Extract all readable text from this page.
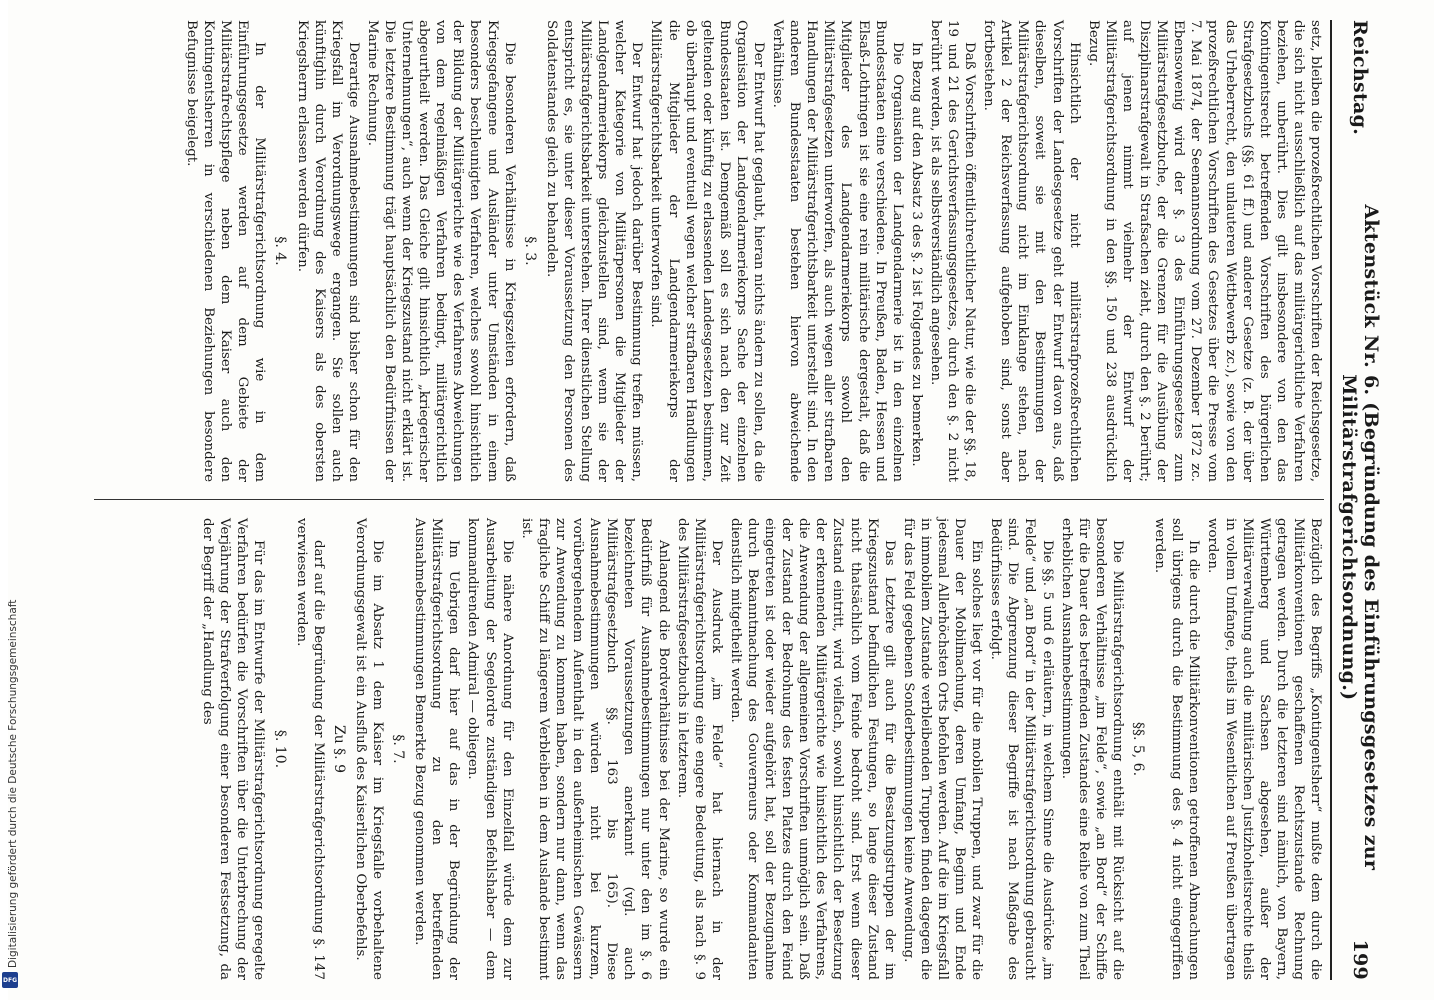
Reichstag.
Aktenstück Nr. 6. (Begründung des Einführungsgesetzes zur Militärstrafgerichtsordnung.)
199

setz, bleiben die prozeßrechtlichen Vorschriften der Reichsgesetze, die sich nicht ausschließlich auf das militärgerichtliche Verfahren beziehen, unberührt. Dies gilt insbesondere von den das Kontingentsrecht betreffenden Vorschriften des bürgerlichen Strafgesetzbuchs (§§. 61 ff.) und anderer Gesetze (z. B. der über das Urheberrecht, den unlauteren Wettbewerb zc.), sowie von den prozeßrechtlichen Vorschriften des Gesetzes über die Presse vom 7. Mai 1874, der Seemannsordnung vom 27. Dezember 1872 zc. Ebensowenig wird der §. 3 des Einführungsgesetzes zum Militärstrafgesetzbuche, der die Grenzen für die Ausübung der Disziplinarstrafgewalt in Strafsachen zieht, durch den §. 2 berührt; auf jenen nimmt vielmehr der Entwurf der Militärstrafgerichtsordnung in den §§. 150 und 238 ausdrücklich Bezug.

Hinsichtlich der nicht militärstrafprozeßrechtlichen Vorschriften der Landesgesetze geht der Entwurf davon aus, daß dieselben, soweit sie mit den Bestimmungen der Militärstrafgerichtsordnung nicht im Einklange stehen, nach Artikel 2 der Reichsverfassung aufgehoben sind, sonst aber fortbestehen.

Daß Vorschriften öffentlichrechtlicher Natur, wie die der §§. 18, 19 und 21 des Gerichtsverfassungsgesetzes, durch den §. 2 nicht berührt werden, ist als selbstverständlich angesehen.

In Bezug auf den Absatz 3 des §. 2 ist Folgendes zu bemerken.

Die Organisation der Landgendarmerie ist in den einzelnen Bundesstaaten eine verschiedene. In Preußen, Baden, Hessen und Elsaß-Lothringen ist sie eine rein militärische dergestalt, daß die Mitglieder des Landgendarmeriekorps sowohl den Militärstrafgesetzen unterworfen, als auch wegen aller strafbaren Handlungen der Militärstrafgerichtsbarkeit unterstellt sind. In den anderen Bundesstaaten bestehen hiervon abweichende Verhältnisse.

Der Entwurf hat geglaubt, hieran nichts ändern zu sollen, da die Organisation der Landgendarmeriekorps Sache der einzelnen Bundesstaaten ist. Demgemäß soll es sich nach den zur Zeit geltenden oder künftig zu erlassenden Landesgesetzen bestimmen, ob überhaupt und eventuell wegen welcher strafbaren Handlungen die Mitglieder der Landgendarmeriekorps der Militärstrafgerichtsbarkeit unterworfen sind.

Der Entwurf hat jedoch darüber Bestimmung treffen müssen, welcher Kategorie von Militärpersonen die Mitglieder der Landgendarmeriekorps gleichzustellen sind, wenn sie der Militärstrafgerichtsbarkeit unterstehen. Ihrer dienstlichen Stellung entspricht es, sie unter dieser Voraussetzung den Personen des Soldatenstandes gleich zu behandeln.

§. 3.

Die besonderen Verhältnisse in Kriegszeiten erfordern, daß Kriegsgefangene und Ausländer unter Umständen in einem besonders beschleunigten Verfahren, welches sowohl hinsichtlich der Bildung der Militärgerichte wie des Verfahrens Abweichungen von dem regelmäßigen Verfahren bedingt, militärgerichtlich abgeurtheilt werden. Das Gleiche gilt hinsichtlich „kriegerischer Unternehmungen“, auch wenn der Kriegszustand nicht erklärt ist. Die letztere Bestimmung trägt hauptsächlich den Bedürfnissen der Marine Rechnung.

Derartige Ausnahmebestimmungen sind bisher schon für den Kriegsfall im Verordnungswege ergangen. Sie sollen auch künftighin durch Verordnung des Kaisers als des obersten Kriegsherrn erlassen werden dürfen.

§. 4.

In der Militärstrafgerichtsordnung wie in dem Einführungsgesetze werden auf dem Gebiete der Militärstrafrechtspflege neben dem Kaiser auch den Kontingentsherren in verschiedenen Beziehungen besondere Befugnisse beigelegt.

Bezüglich des Begriffs „Kontingentsherr“ mußte dem durch die Militärkonventionen geschaffenen Rechtszustande Rechnung getragen werden. Durch die letzteren sind nämlich, von Bayern, Württemberg und Sachsen abgesehen, außer der Militärverwaltung auch die militärischen Justizhoheitsrechte theils in vollem Umfange, theils im Wesentlichen auf Preußen übertragen worden.

In die durch die Militärkonventionen getroffenen Abmachungen soll übrigens durch die Bestimmung des §. 4 nicht eingegriffen werden.

§§. 5, 6.

Die Militärstrafgerichtsordnung enthält mit Rücksicht auf die besonderen Verhältnisse „im Felde“, sowie „an Bord“ der Schiffe für die Dauer des betreffenden Zustandes eine Reihe von zum Theil erheblichen Ausnahmebestimmungen.

Die §§. 5 und 6 erläutern, in welchem Sinne die Ausdrücke „im Felde“ und „an Bord“ in der Militärstrafgerichtsordnung gebraucht sind. Die Abgrenzung dieser Begriffe ist nach Maßgabe des Bedürfnisses erfolgt.

Ein solches liegt vor für die mobilen Truppen, und zwar für die Dauer der Mobilmachung, deren Umfang, Beginn und Ende jedesmal Allerhöchsten Orts befohlen werden. Auf die im Kriegsfall in immobilem Zustande verbleibenden Truppen finden dagegen die für das Feld gegebenen Sonderbestimmungen keine Anwendung.

Das Letztere gilt auch für die Besatzungstruppen der im Kriegszustand befindlichen Festungen, so lange dieser Zustand nicht thatsächlich vom Feinde bedroht sind. Erst wenn dieser Zustand eintritt, wird vielfach, sowohl hinsichtlich der Besetzung der erkennenden Militärgerichte wie hinsichtlich des Verfahrens, die Anwendung der allgemeinen Vorschriften unmöglich sein. Daß der Zustand der Bedrohung des festen Platzes durch den Feind eingetreten ist oder wieder aufgehört hat, soll der Bezugnahme durch Bekanntmachung des Gouverneurs oder Kommandanten dienstlich mitgetheilt werden.

Der Ausdruck „im Felde“ hat hiernach in der Militärstrafgerichtsordnung eine engere Bedeutung, als nach §. 9 des Militärstrafgesetzbuchs in letzterem.

Anlangend die Bordverhältnisse bei der Marine, so wurde ein Bedürfniß für Ausnahmebestimmungen nur unter den im §. 6 bezeichneten Voraussetzungen anerkannt (vgl. auch Militärstrafgesetzbuch §§. 163 bis 165). Diese Ausnahmebestimmungen würden nicht bei kurzem, vorübergehendem Aufenthalt in den außerheimischen Gewässern zur Anwendung zu kommen haben, sondern nur dann, wenn das fragliche Schiff zu längerem Verbleiben in dem Auslande bestimmt ist.

Die nähere Anordnung für den Einzelfall würde dem zur Ausarbeitung der Segelordre zuständigen Befehlshaber — dem kommandirenden Admiral — obliegen.

Im Uebrigen darf hier auf das in der Begründung der Militärstrafgerichtsordnung zu den betreffenden Ausnahmebestimmungen Bemerkte Bezug genommen werden.

§. 7.

Die im Absatz 1 dem Kaiser im Kriegsfalle vorbehaltene Verordnungsgewalt ist ein Ausfluß des Kaiserlichen Oberbefehls.

Zu §. 9

darf auf die Begründung der Militärstrafgerichtsordnung §. 147 verwiesen werden.

§. 10.

Für das im Entwurfe der Militärstrafgerichtsordnung geregelte Verfahren bedürfen die Vorschriften über die Unterbrechung der Verjährung der Strafverfolgung einer besonderen Festsetzung, da der Begriff der „Handlung des

Digitalisierung gefördert durch die Deutsche Forschungsgemeinschaft
DFG
